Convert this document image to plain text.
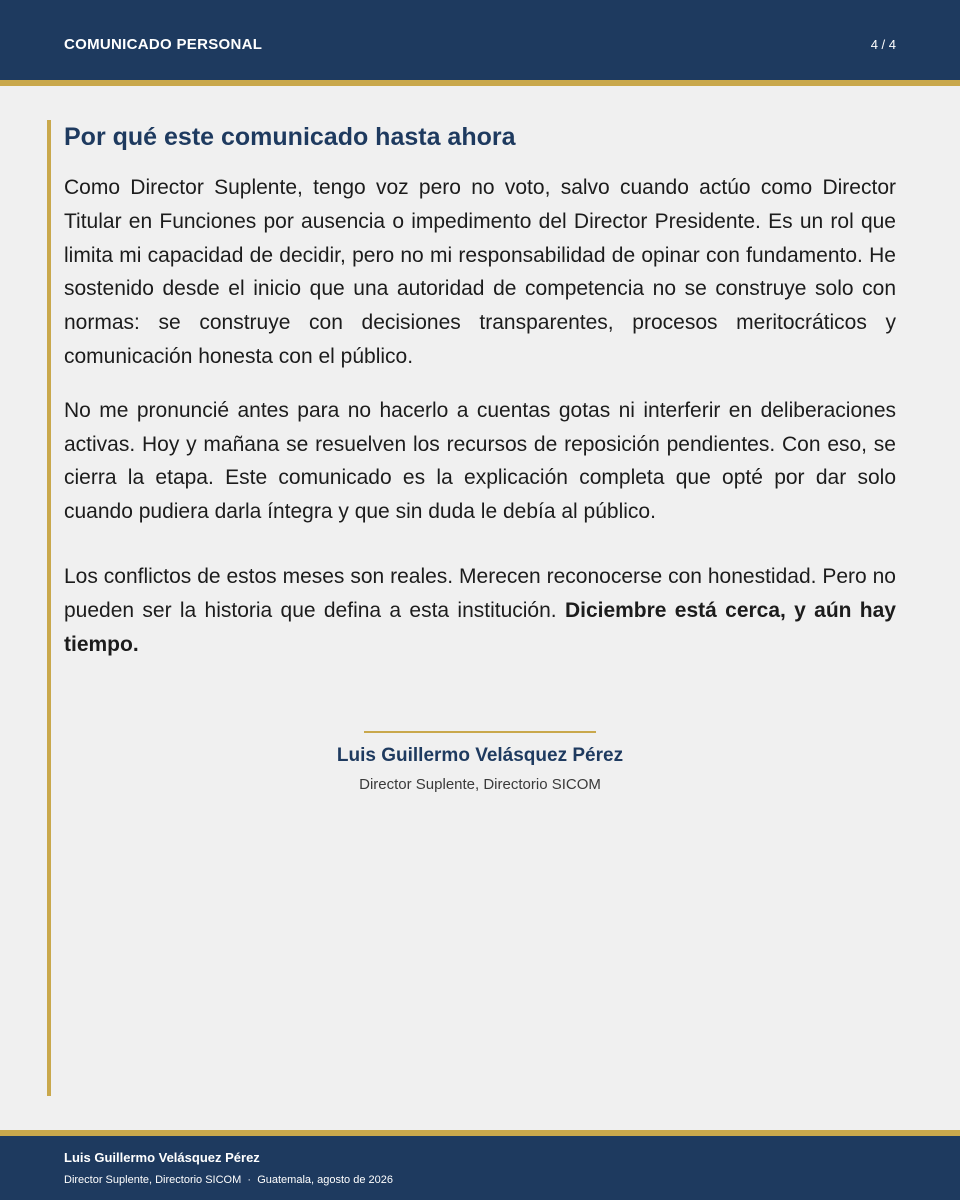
COMUNICADO PERSONAL	4 / 4
Por qué este comunicado hasta ahora

Como Director Suplente, tengo voz pero no voto, salvo cuando actúo como Director Titular en Funciones por ausencia o impedimento del Director Presidente. Es un rol que limita mi capacidad de decidir, pero no mi responsabilidad de opinar con fundamento. He sostenido desde el inicio que una autoridad de competencia no se construye solo con normas: se construye con decisiones transparentes, procesos meritocráticos y comunicación honesta con el público.

No me pronuncié antes para no hacerlo a cuentas gotas ni interferir en deliberaciones activas. Hoy y mañana se resuelven los recursos de reposición pendientes. Con eso, se cierra la etapa. Este comunicado es la explicación completa que opté por dar solo cuando pudiera darla íntegra y que sin duda le debía al público.

Los conflictos de estos meses son reales. Merecen reconocerse con honestidad. Pero no pueden ser la historia que defina a esta institución. Diciembre está cerca, y aún hay tiempo.

Luis Guillermo Velásquez Pérez
Director Suplente, Directorio SICOM
Luis Guillermo Velásquez Pérez
Director Suplente, Directorio SICOM · Guatemala, agosto de 2026
